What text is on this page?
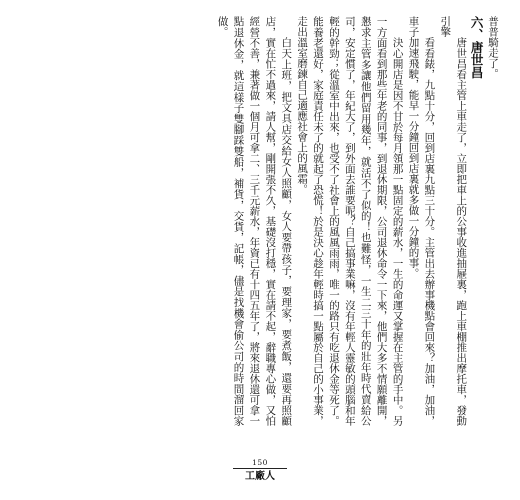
普普騎走了。

六、唐世昌

唐世昌看主管上車走了，立即把車上的公事收進抽屜裏，跑上車棚推出摩托車，發動引擎

看看錶，九點十分，回到店裏九點三十分。主管出去辦事機點會回來？加油，加油，車子加速飛駛，能早一分鐘回到店裏就多做一分鐘的事。

決心開店是因不甘於每月領那一點固定的薪水，一生的命運又掌握在主管的手中。另一方面看到那些年老的同事，到退休期限，公司退休命令一下來，他們大多不情願離開，懇求主管多讓他們留用幾年，就活不了似的！也難怪，一生二三十年的壯年時代賣給公司，安定慣了，年紀大了，到外面去誰要呢？自己搞事業嘛，沒有年輕人靈敏的頭腦和年輕的幹勁；從溫室中出來，也受不了社會上的風風雨雨，唯一的路只有吃退休金等死了。能養老還好，家庭責任未了的就起了恐慌！於是決心趁年輕時搞一點屬於自己的小事業，走出溫室磨鍊自己適應社會上的風霜。

白天上班，把文具店交給女人照顧，女人要帶孩子，要理家，要煮飯，還要再照顧店，實在忙不過來，請人幫，剛開張不久，基礎沒打穩，實在請不起，辭職專心做，又怕經營不善，兼著做一個月可拿二、三千元薪水，年資已有十四五年了，將來退休還可拿一點退休金，就這樣子雙腳踩雙船，補貨，交貨，記帳，儘是找機會偷公司的時間溜回家做。

150
工廠人
